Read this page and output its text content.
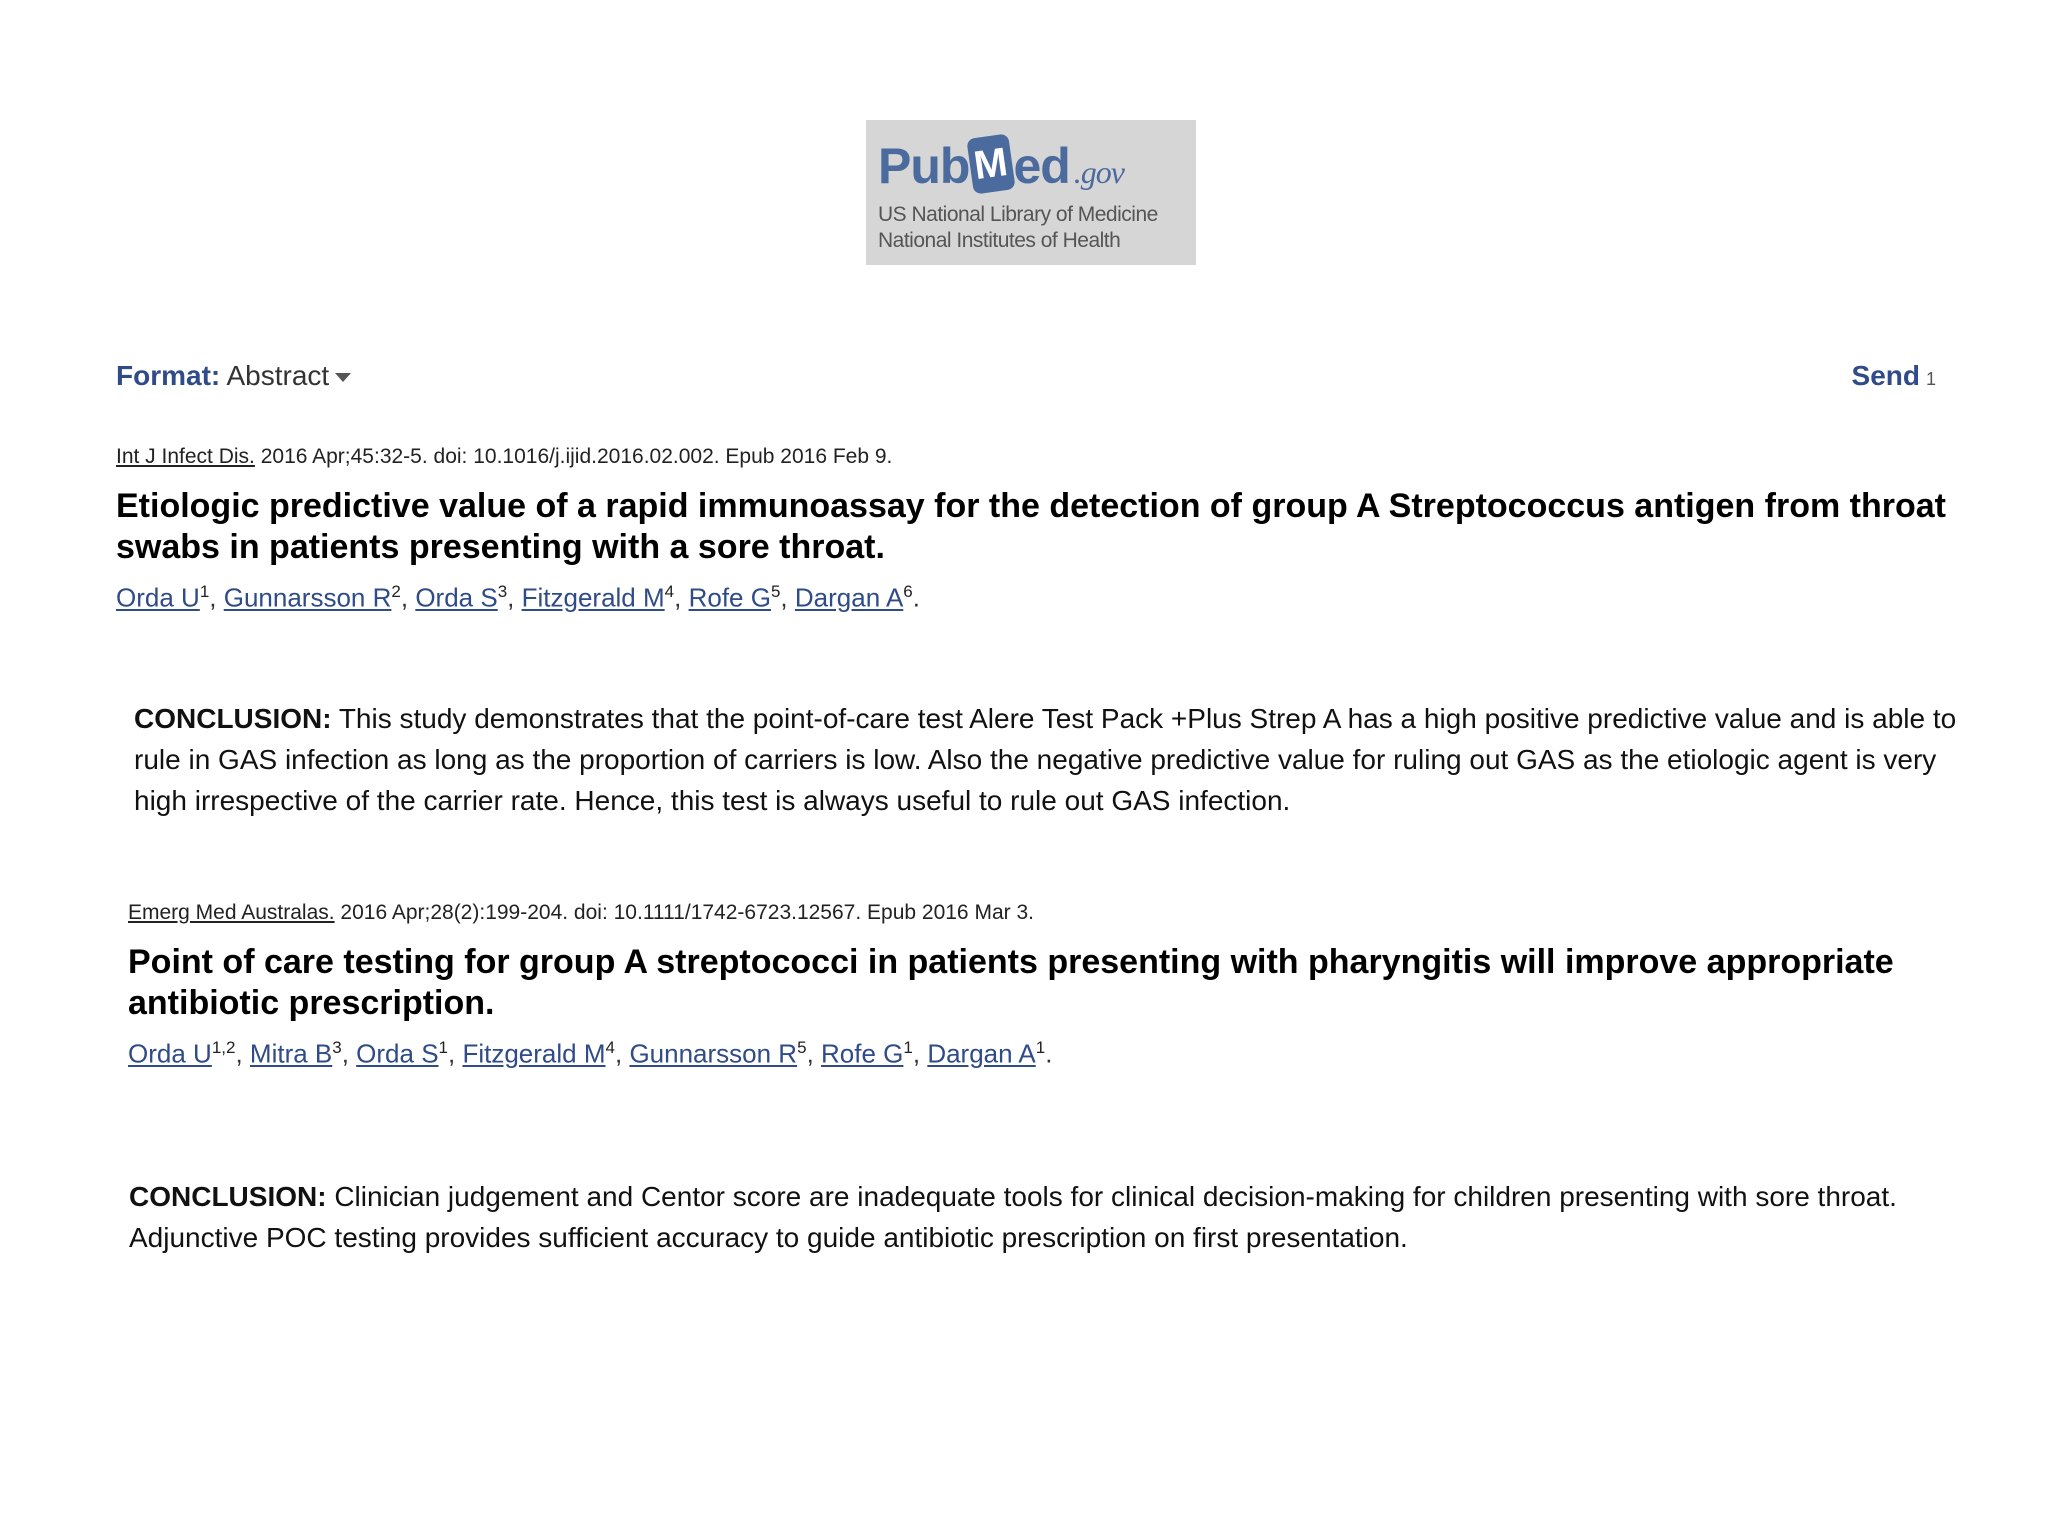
Pub M ed .gov
US National Library of Medicine
National Institutes of Health
Format: Abstract	Send 1
Int J Infect Dis. 2016 Apr;45:32-5. doi: 10.1016/j.ijid.2016.02.002. Epub 2016 Feb 9.
Etiologic predictive value of a rapid immunoassay for the detection of group A Streptococcus antigen from throat swabs in patients presenting with a sore throat.
Orda $U^1$, Gunnarsson $R^2$, Orda $S^3$, Fitzgerald $M^4$, Rofe $G^5$, Dargan $A^6$.
CONCLUSION: This study demonstrates that the point-of-care test Alere Test Pack +Plus Strep A has a high positive predictive value and is able to rule in GAS infection as long as the proportion of carriers is low. Also the negative predictive value for ruling out GAS as the etiologic agent is very high irrespective of the carrier rate. Hence, this test is always useful to rule out GAS infection.
Emerg Med Australas. 2016 Apr;28(2):199-204. doi: 10.1111/1742-6723.12567. Epub 2016 Mar 3.
Point of care testing for group A streptococci in patients presenting with pharyngitis will improve appropriate antibiotic prescription.
Orda U$^{1,2}$, Mitra $B^3$, Orda $S^1$, Fitzgerald $M^4$, Gunnarsson $R^5$, Rofe $G^1$, Dargan $A^1$.
CONCLUSION: Clinician judgement and Centor score are inadequate tools for clinical decision-making for children presenting with sore throat. Adjunctive POC testing provides sufficient accuracy to guide antibiotic prescription on first presentation.
